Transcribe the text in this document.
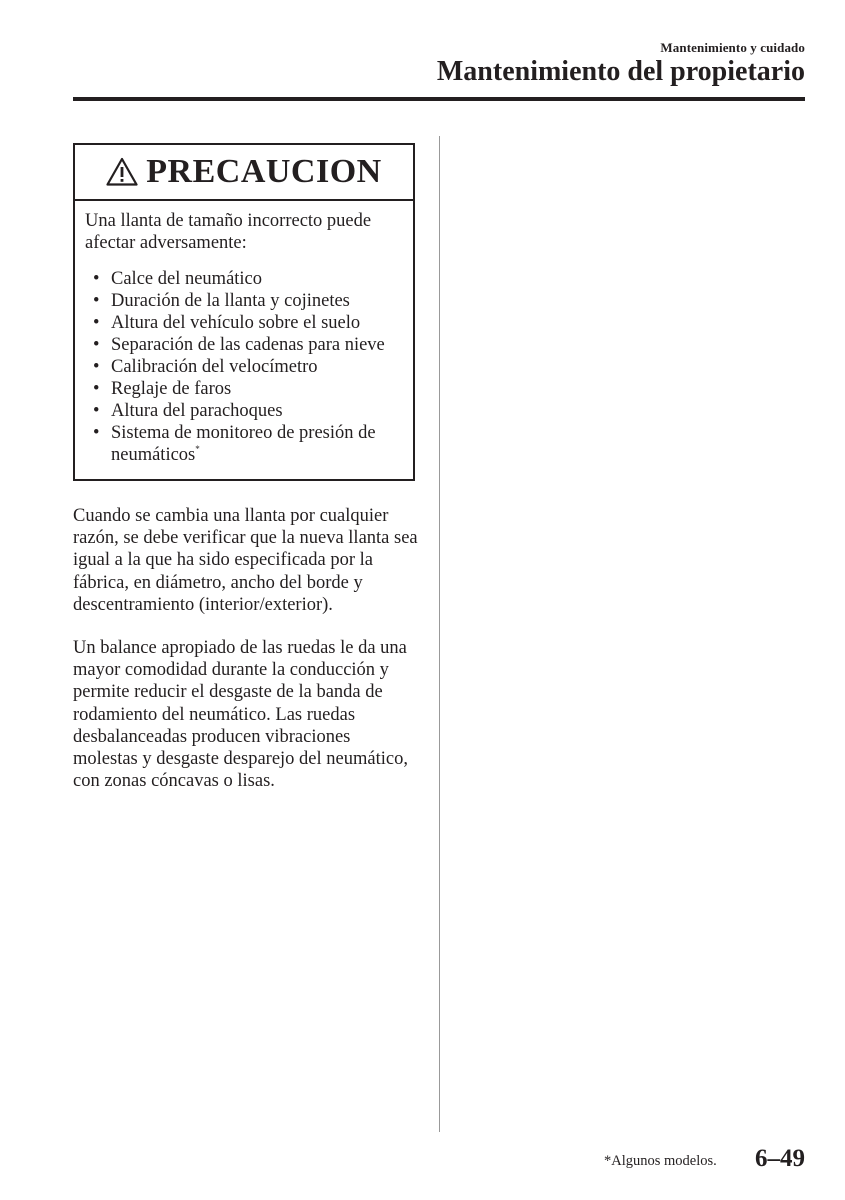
Mantenimiento y cuidado
Mantenimiento del propietario
PRECAUCION

Una llanta de tamaño incorrecto puede afectar adversamente:

• Calce del neumático
• Duración de la llanta y cojinetes
• Altura del vehículo sobre el suelo
• Separación de las cadenas para nieve
• Calibración del velocímetro
• Reglaje de faros
• Altura del parachoques
• Sistema de monitoreo de presión de neumáticos*

Cuando se cambia una llanta por cualquier razón, se debe verificar que la nueva llanta sea igual a la que ha sido especificada por la fábrica, en diámetro, ancho del borde y descentramiento (interior/exterior).

Un balance apropiado de las ruedas le da una mayor comodidad durante la conducción y permite reducir el desgaste de la banda de rodamiento del neumático. Las ruedas desbalanceadas producen vibraciones molestas y desgaste desparejo del neumático, con zonas cóncavas o lisas.

*Algunos modelos. 6–49
